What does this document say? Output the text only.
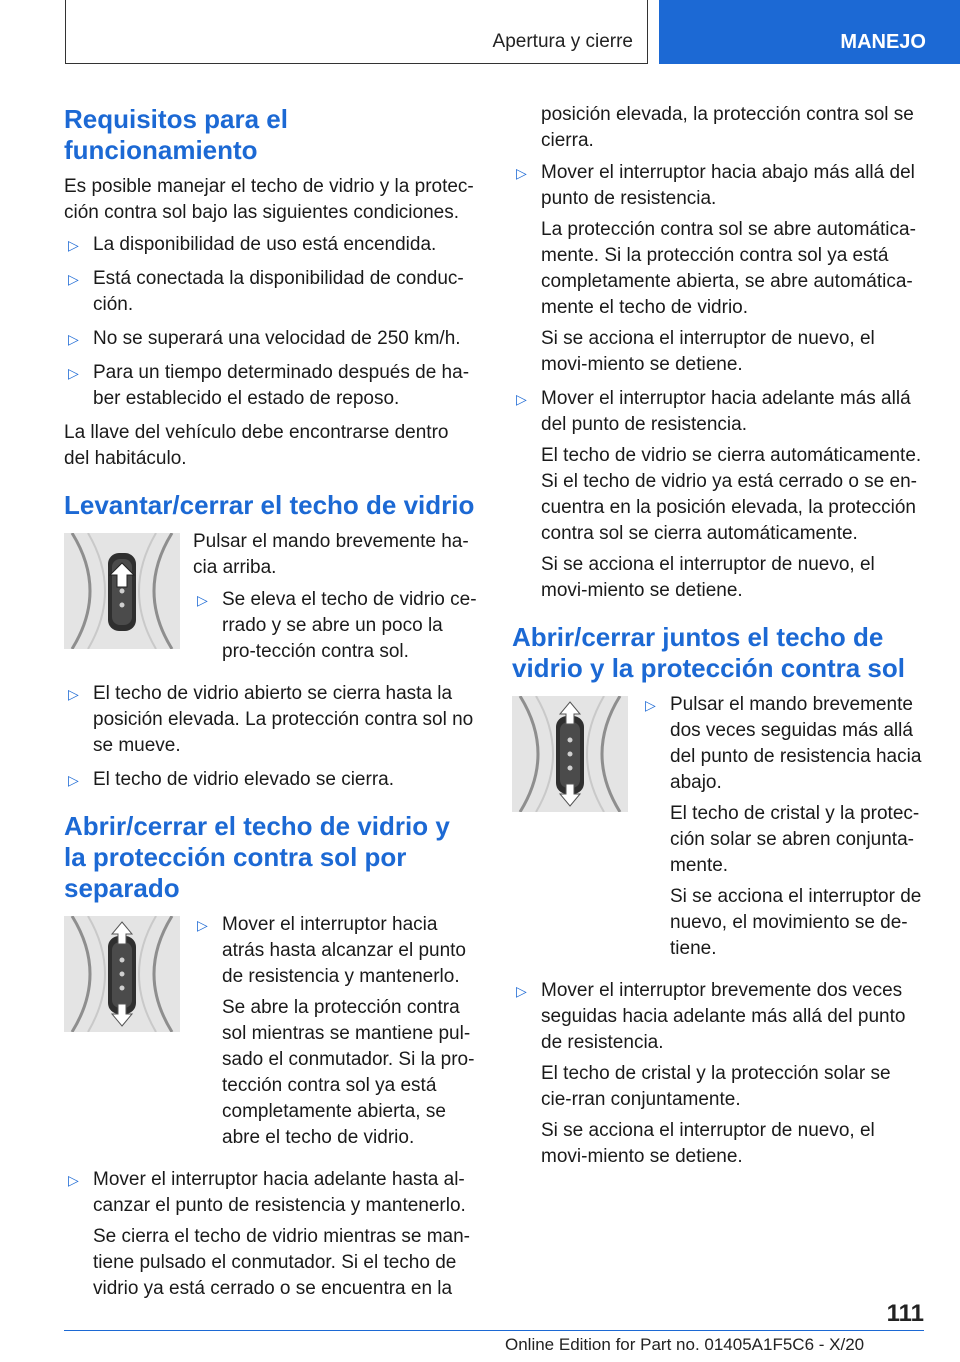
Apertura y cierre	MANEJO
Requisitos para el funcionamiento

Es posible manejar el techo de vidrio y la protec-ción contra sol bajo las siguientes condiciones.

▷ La disponibilidad de uso está encendida.

▷ Está conectada la disponibilidad de conduc-ción.

▷ No se superará una velocidad de 250 km/h.

▷ Para un tiempo determinado después de ha-ber establecido el estado de reposo.

La llave del vehículo debe encontrarse dentro del habitáculo.

Levantar/cerrar el techo de vidrio

Pulsar el mando brevemente ha-cia arriba.

▷ Se eleva el techo de vidrio ce-rrado y se abre un poco la pro-tección contra sol.

▷ El techo de vidrio abierto se cierra hasta la posición elevada. La protección contra sol no se mueve.

▷ El techo de vidrio elevado se cierra.

Abrir/cerrar el techo de vidrio y la protección contra sol por separado

▷ Mover el interruptor hacia atrás hasta alcanzar el punto de resistencia y mantenerlo.

Se abre la protección contra sol mientras se mantiene pul-sado el conmutador. Si la pro-tección contra sol ya está completamente abierta, se abre el techo de vidrio.

▷ Mover el interruptor hacia adelante hasta al-canzar el punto de resistencia y mantenerlo.

Se cierra el techo de vidrio mientras se man-tiene pulsado el conmutador. Si el techo de vidrio ya está cerrado o se encuentra en la

posición elevada, la protección contra sol se cierra.

▷ Mover el interruptor hacia abajo más allá del punto de resistencia.

La protección contra sol se abre automática-mente. Si la protección contra sol ya está completamente abierta, se abre automática-mente el techo de vidrio.

Si se acciona el interruptor de nuevo, el movi-miento se detiene.

▷ Mover el interruptor hacia adelante más allá del punto de resistencia.

El techo de vidrio se cierra automáticamente. Si el techo de vidrio ya está cerrado o se en-cuentra en la posición elevada, la protección contra sol se cierra automáticamente.

Si se acciona el interruptor de nuevo, el movi-miento se detiene.

Abrir/cerrar juntos el techo de vidrio y la protección contra sol

▷ Pulsar el mando brevemente dos veces seguidas más allá del punto de resistencia hacia abajo.

El techo de cristal y la protec-ción solar se abren conjunta-mente.

Si se acciona el interruptor de nuevo, el movimiento se de-tiene.

▷ Mover el interruptor brevemente dos veces seguidas hacia adelante más allá del punto de resistencia.

El techo de cristal y la protección solar se cie-rran conjuntamente.

Si se acciona el interruptor de nuevo, el movi-miento se detiene.

111
Online Edition for Part no. 01405A1F5C6 - X/20
